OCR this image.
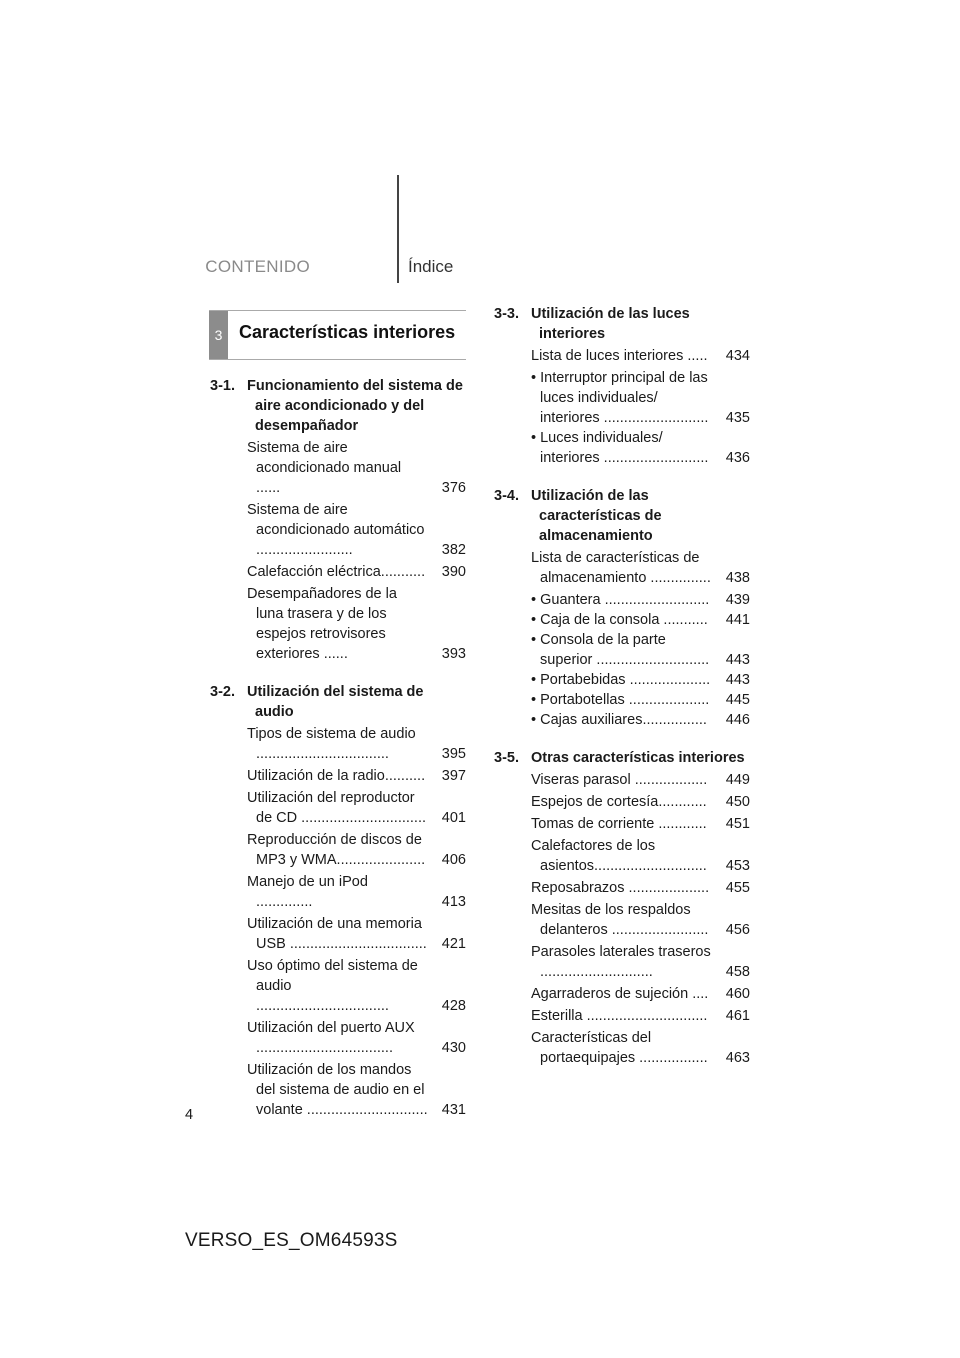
CONTENIDO	Índice
3 Características interiores
3-1. Funcionamiento del sistema de aire acondicionado y del desempañador
Sistema de aire acondicionado manual ......	376
Sistema de aire acondicionado automático ........................	382
Calefacción eléctrica...........	390
Desempañadores de la luna trasera y de los espejos retrovisores exteriores ......	393
3-2. Utilización del sistema de audio
Tipos de sistema de audio .................................	395
Utilización de la radio..........	397
Utilización del reproductor de CD ...............................	401
Reproducción de discos de MP3 y WMA......................	406
Manejo de un iPod ..............	413
Utilización de una memoria USB ..................................	421
Uso óptimo del sistema de audio .................................	428
Utilización del puerto AUX ..................................	430
Utilización de los mandos del sistema de audio en el volante .............................. 431
3-3. Utilización de las luces interiores
Lista de luces interiores .....	434
• Interruptor principal de las luces individuales/ interiores ..........................	435
• Luces individuales/ interiores ..........................	436
3-4. Utilización de las características de almacenamiento
Lista de características de almacenamiento ...............	438
• Guantera ..........................	439
• Caja de la consola ...........	441
• Consola de la parte superior ............................	443
• Portabebidas ....................	443
• Portabotellas ....................	445
• Cajas auxiliares................	446
3-5. Otras características interiores
Viseras parasol ..................	449
Espejos de cortesía............	450
Tomas de corriente ............	451
Calefactores de los asientos............................	453
Reposabrazos ....................	455
Mesitas de los respaldos delanteros ........................	456
Parasoles laterales traseros ............................	458
Agarraderos de sujeción ....	460
Esterilla ..............................	461
Características del portaequipajes .................	463
4
VERSO_ES_OM64593S
